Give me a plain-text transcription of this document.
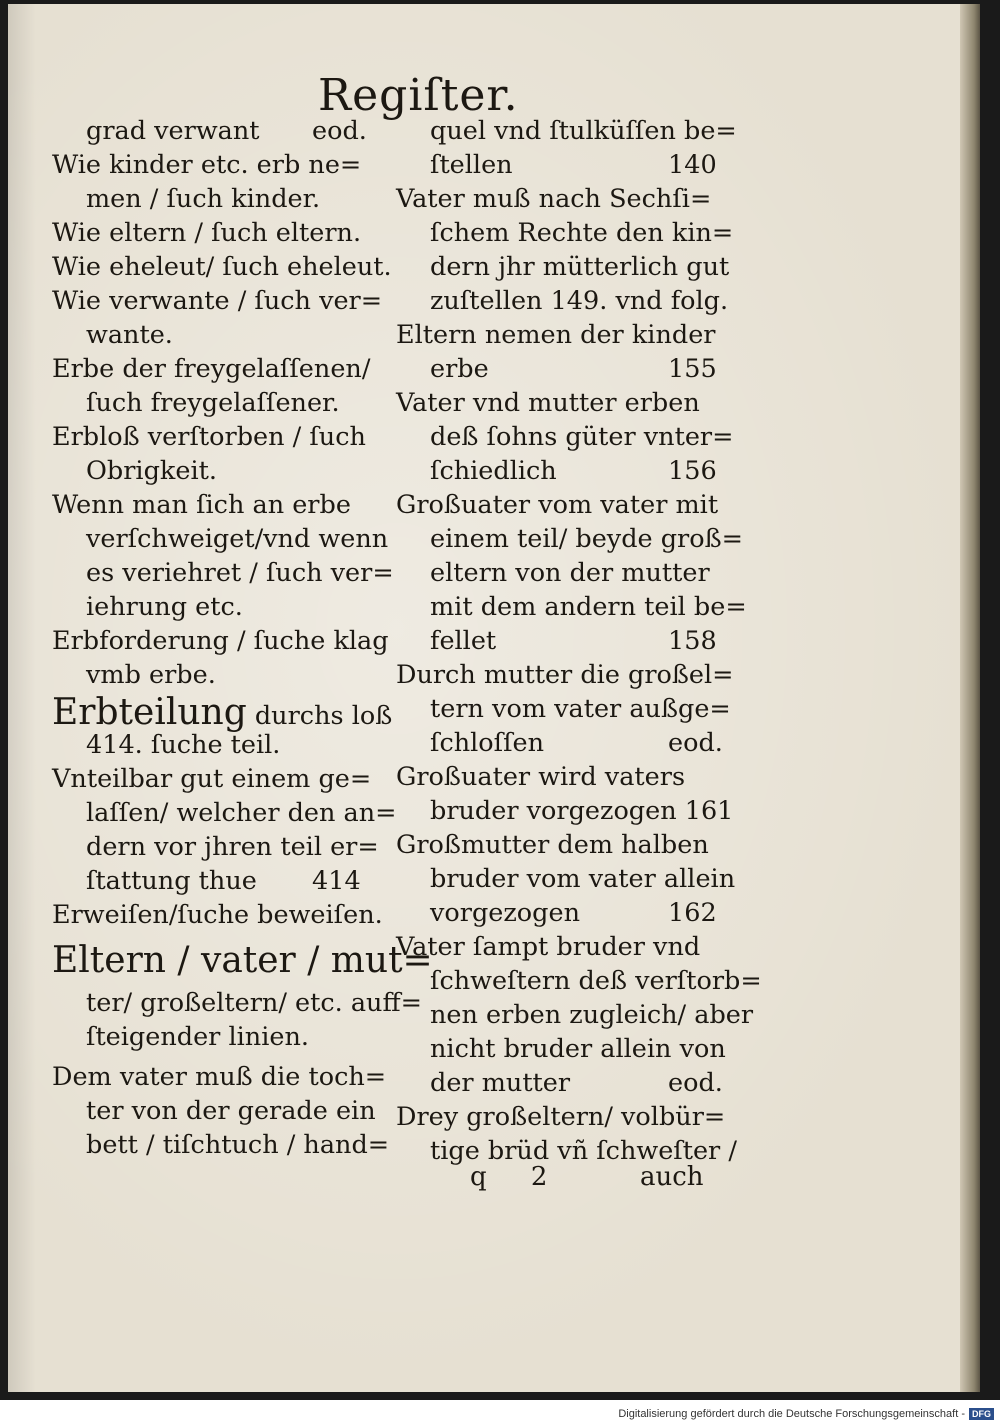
Regiſter.
grad verwant eod.
Wie kinder etc. erb ne=
men / ſuch kinder.
Wie eltern / ſuch eltern.
Wie eheleut/ ſuch eheleut.
Wie verwante / ſuch ver=
wante.
Erbe der freygelaſſenen/
ſuch freygelaſſener.
Erbloß verſtorben / ſuch
Obrigkeit.
Wenn man ſich an erbe
verſchweiget/vnd wenn
es veriehret / ſuch ver=
iehrung etc.
Erbforderung / ſuche klag
vmb erbe.
Erbteilung durchs loß
414. ſuche teil.
Vnteilbar gut einem ge=
laſſen/ welcher den an=
dern vor jhren teil er=
ſtattung thue 414
Erweiſen/ſuche beweiſen.
Eltern / vater / mut=
ter/ großeltern/ etc. auff=
ſteigender linien.
Dem vater muß die toch=
ter von der gerade ein
bett / tiſchtuch / hand=
quel vnd ſtulküſſen be=
ſtellen	140
Vater muß nach Sechſi=
ſchem Rechte den kin=
dern jhr mütterlich gut
zuſtellen 149. vnd folg.
Eltern nemen der kinder
erbe	155
Vater vnd mutter erben
deß ſohns güter vnter=
ſchiedlich	156
Großuater vom vater mit
einem teil/ beyde groß=
eltern von der mutter
mit dem andern teil be=
fellet	158
Durch mutter die großel=
tern vom vater außge=
ſchloſſen	eod.
Großuater wird vaters
bruder vorgezogen 161
Großmutter dem halben
bruder vom vater allein
vorgezogen	162
Vater ſampt bruder vnd
ſchweſtern deß verſtorb=
nen erben zugleich/ aber
nicht bruder allein von
der mutter	eod.
Drey großeltern/ volbür=
tige brüd vñ ſchweſter /
q 2	auch
Digitalisierung gefördert durch die Deutsche Forschungsgemeinschaft - DFG
